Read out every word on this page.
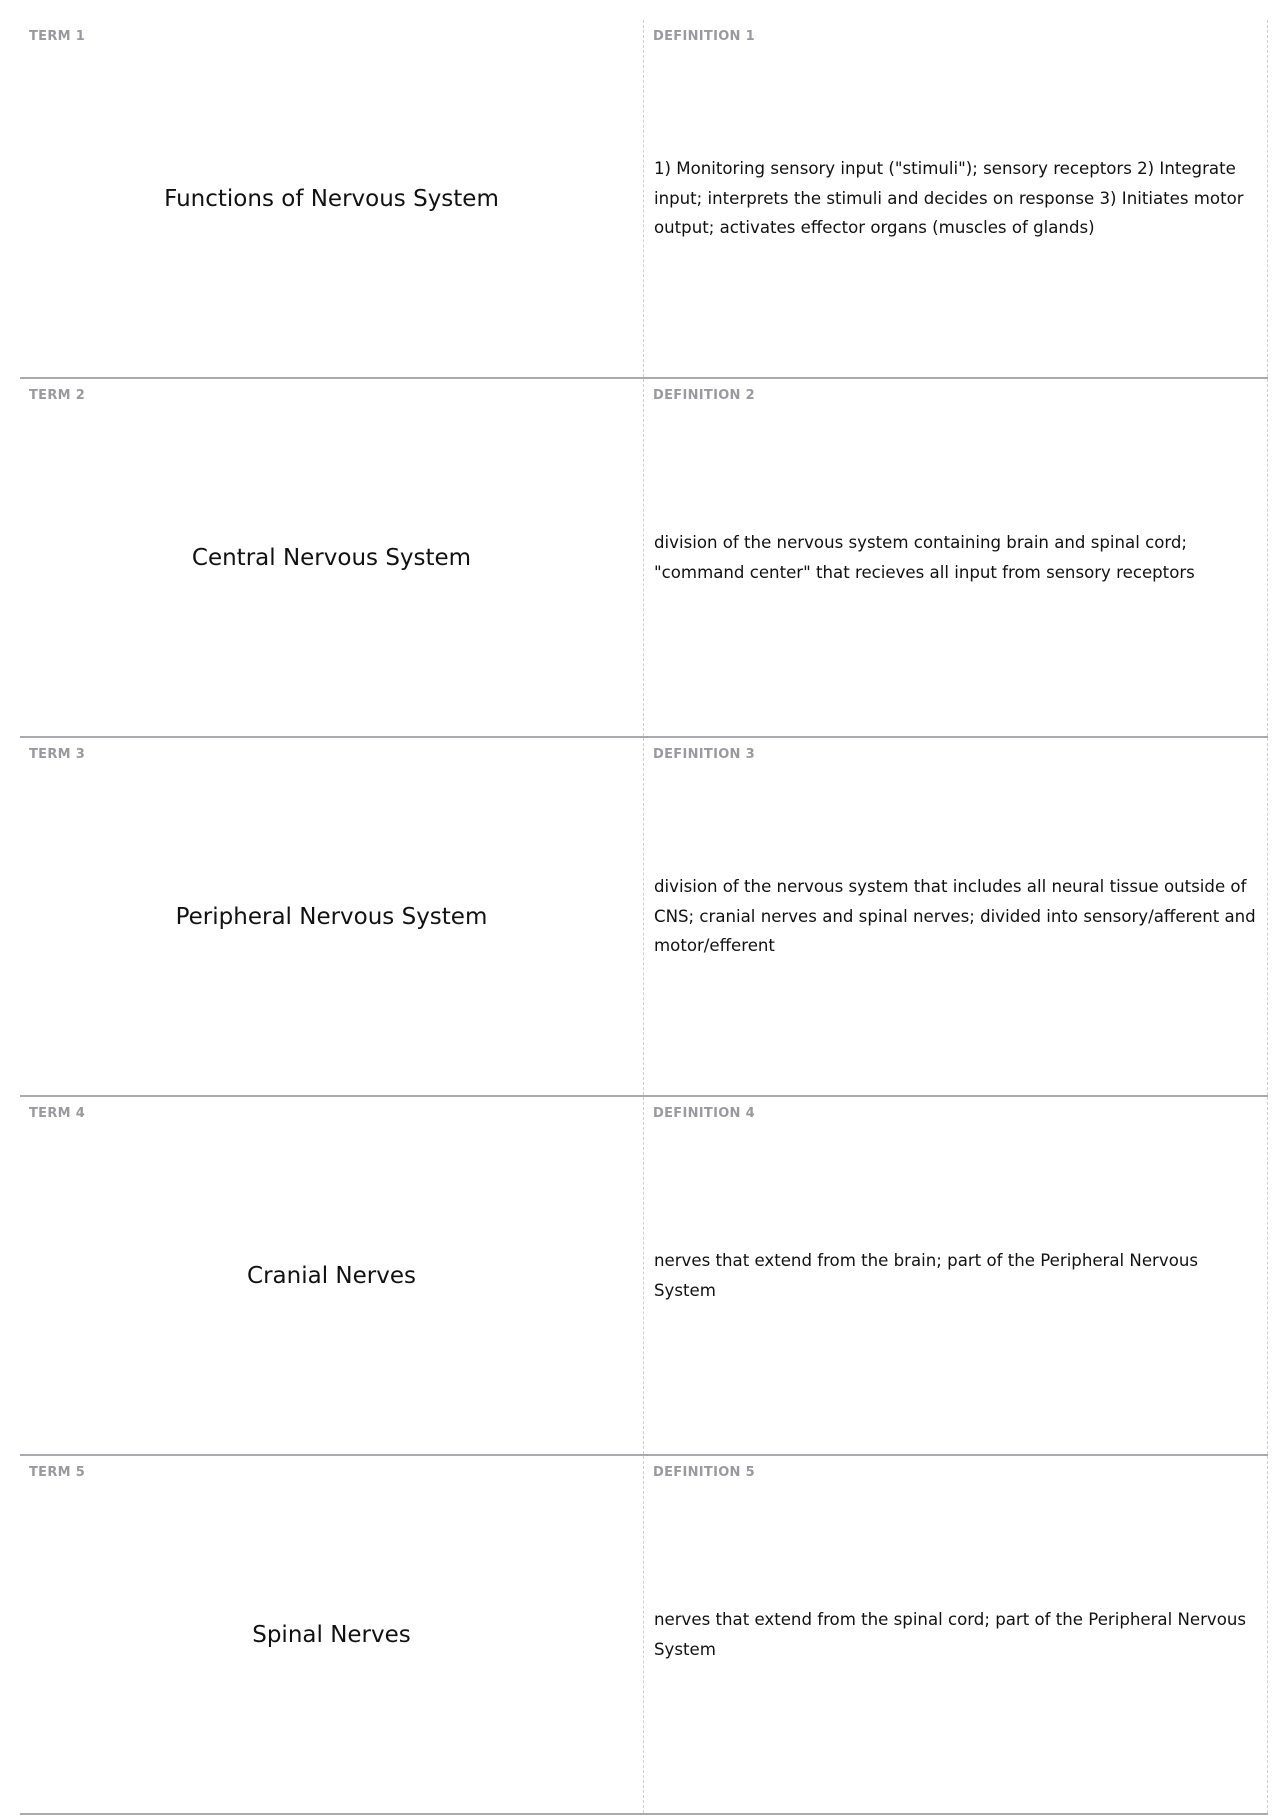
TERM 1
Functions of Nervous System
DEFINITION 1
1) Monitoring sensory input ("stimuli"); sensory receptors 2) Integrate input; interprets the stimuli and decides on response 3) Initiates motor output; activates effector organs (muscles of glands)
TERM 2
Central Nervous System
DEFINITION 2
division of the nervous system containing brain and spinal cord; "command center" that recieves all input from sensory receptors
TERM 3
Peripheral Nervous System
DEFINITION 3
division of the nervous system that includes all neural tissue outside of CNS; cranial nerves and spinal nerves; divided into sensory/afferent and motor/efferent
TERM 4
Cranial Nerves
DEFINITION 4
nerves that extend from the brain; part of the Peripheral Nervous System
TERM 5
Spinal Nerves
DEFINITION 5
nerves that extend from the spinal cord; part of the Peripheral Nervous System
